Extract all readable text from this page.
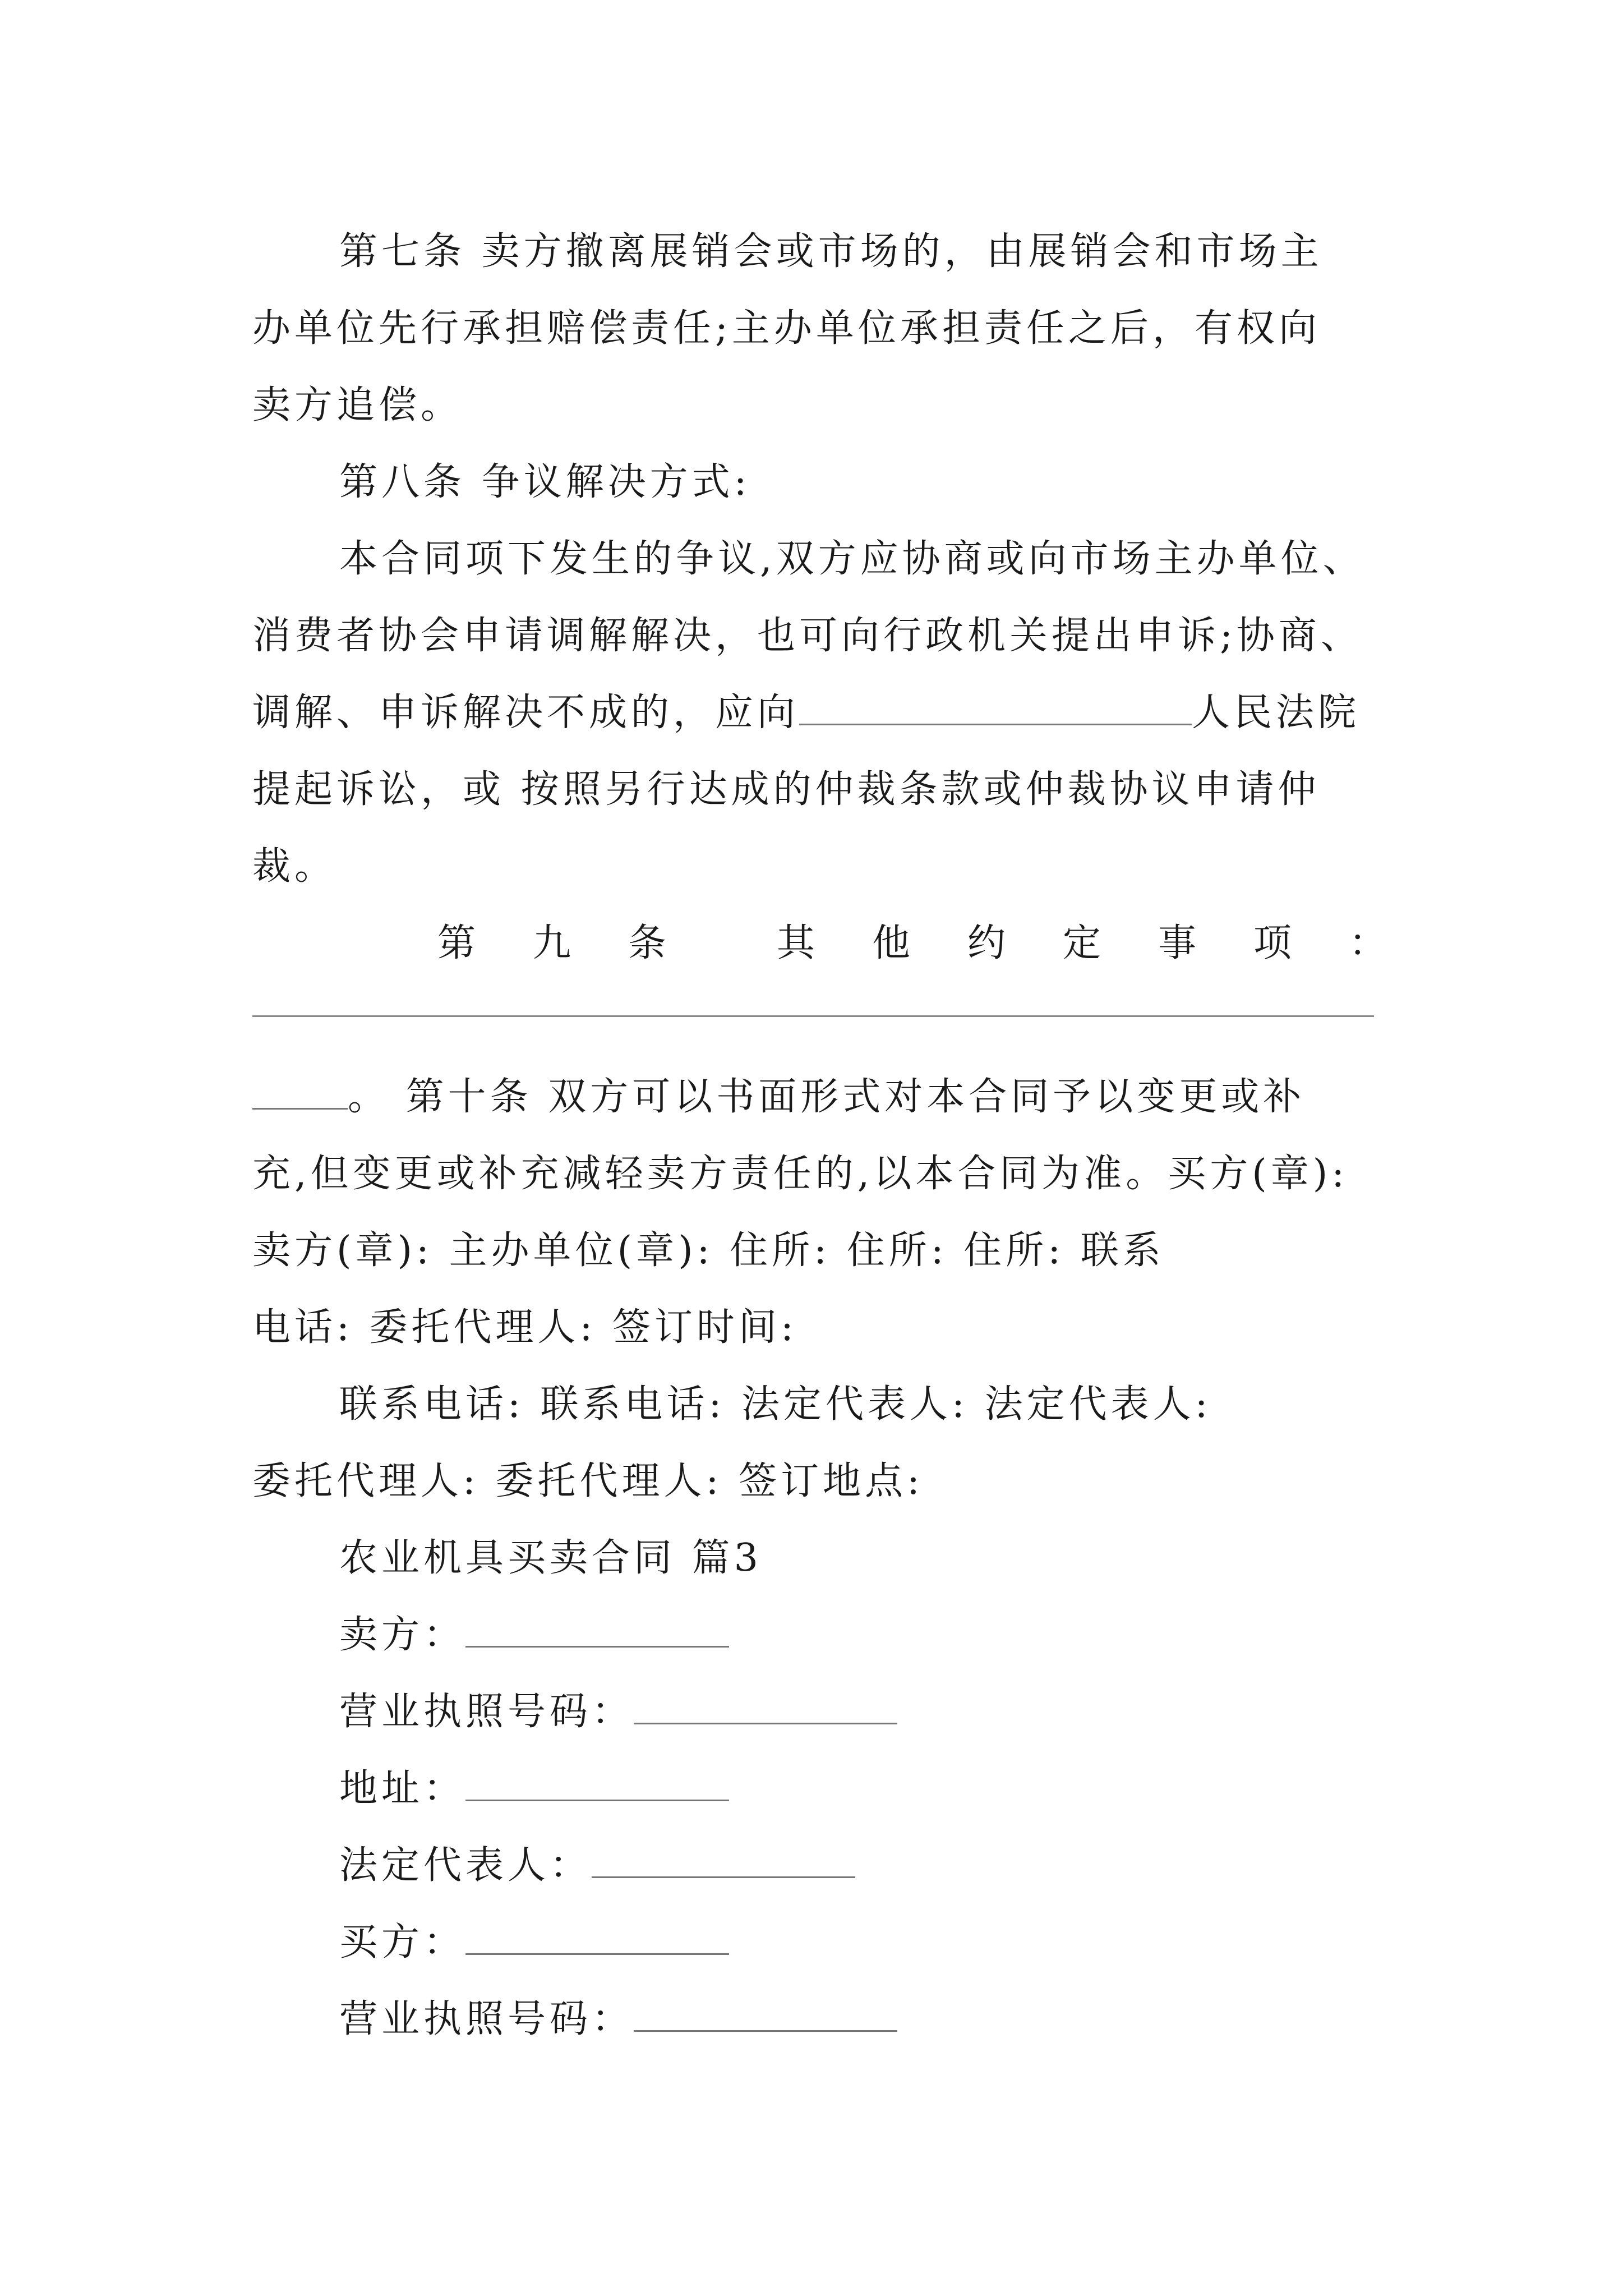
第七条 卖方撤离展销会或市场的，由展销会和市场主
办单位先行承担赔偿责任;主办单位承担责任之后，有权向
卖方追偿。
第八条 争议解决方式:
本合同项下发生的争议,双方应协商或向市场主办单位、
消费者协会申请调解解决，也可向行政机关提出申诉;协商、
调解、申诉解决不成的，应向	人民法院
提起诉讼，或 按照另行达成的仲裁条款或仲裁协议申请仲
裁。
第 九 条	其 他 约 定 事 项 ：
。 第十条 双方可以书面形式对本合同予以变更或补
充,但变更或补充减轻卖方责任的,以本合同为准。买方(章):
卖方(章): 主办单位(章): 住所: 住所: 住所: 联系
电话: 委托代理人: 签订时间:
联系电话: 联系电话: 法定代表人: 法定代表人:
委托代理人: 委托代理人: 签订地点:
农业机具买卖合同 篇3
卖方：
营业执照号码：
地址：
法定代表人：
买方：
营业执照号码：
